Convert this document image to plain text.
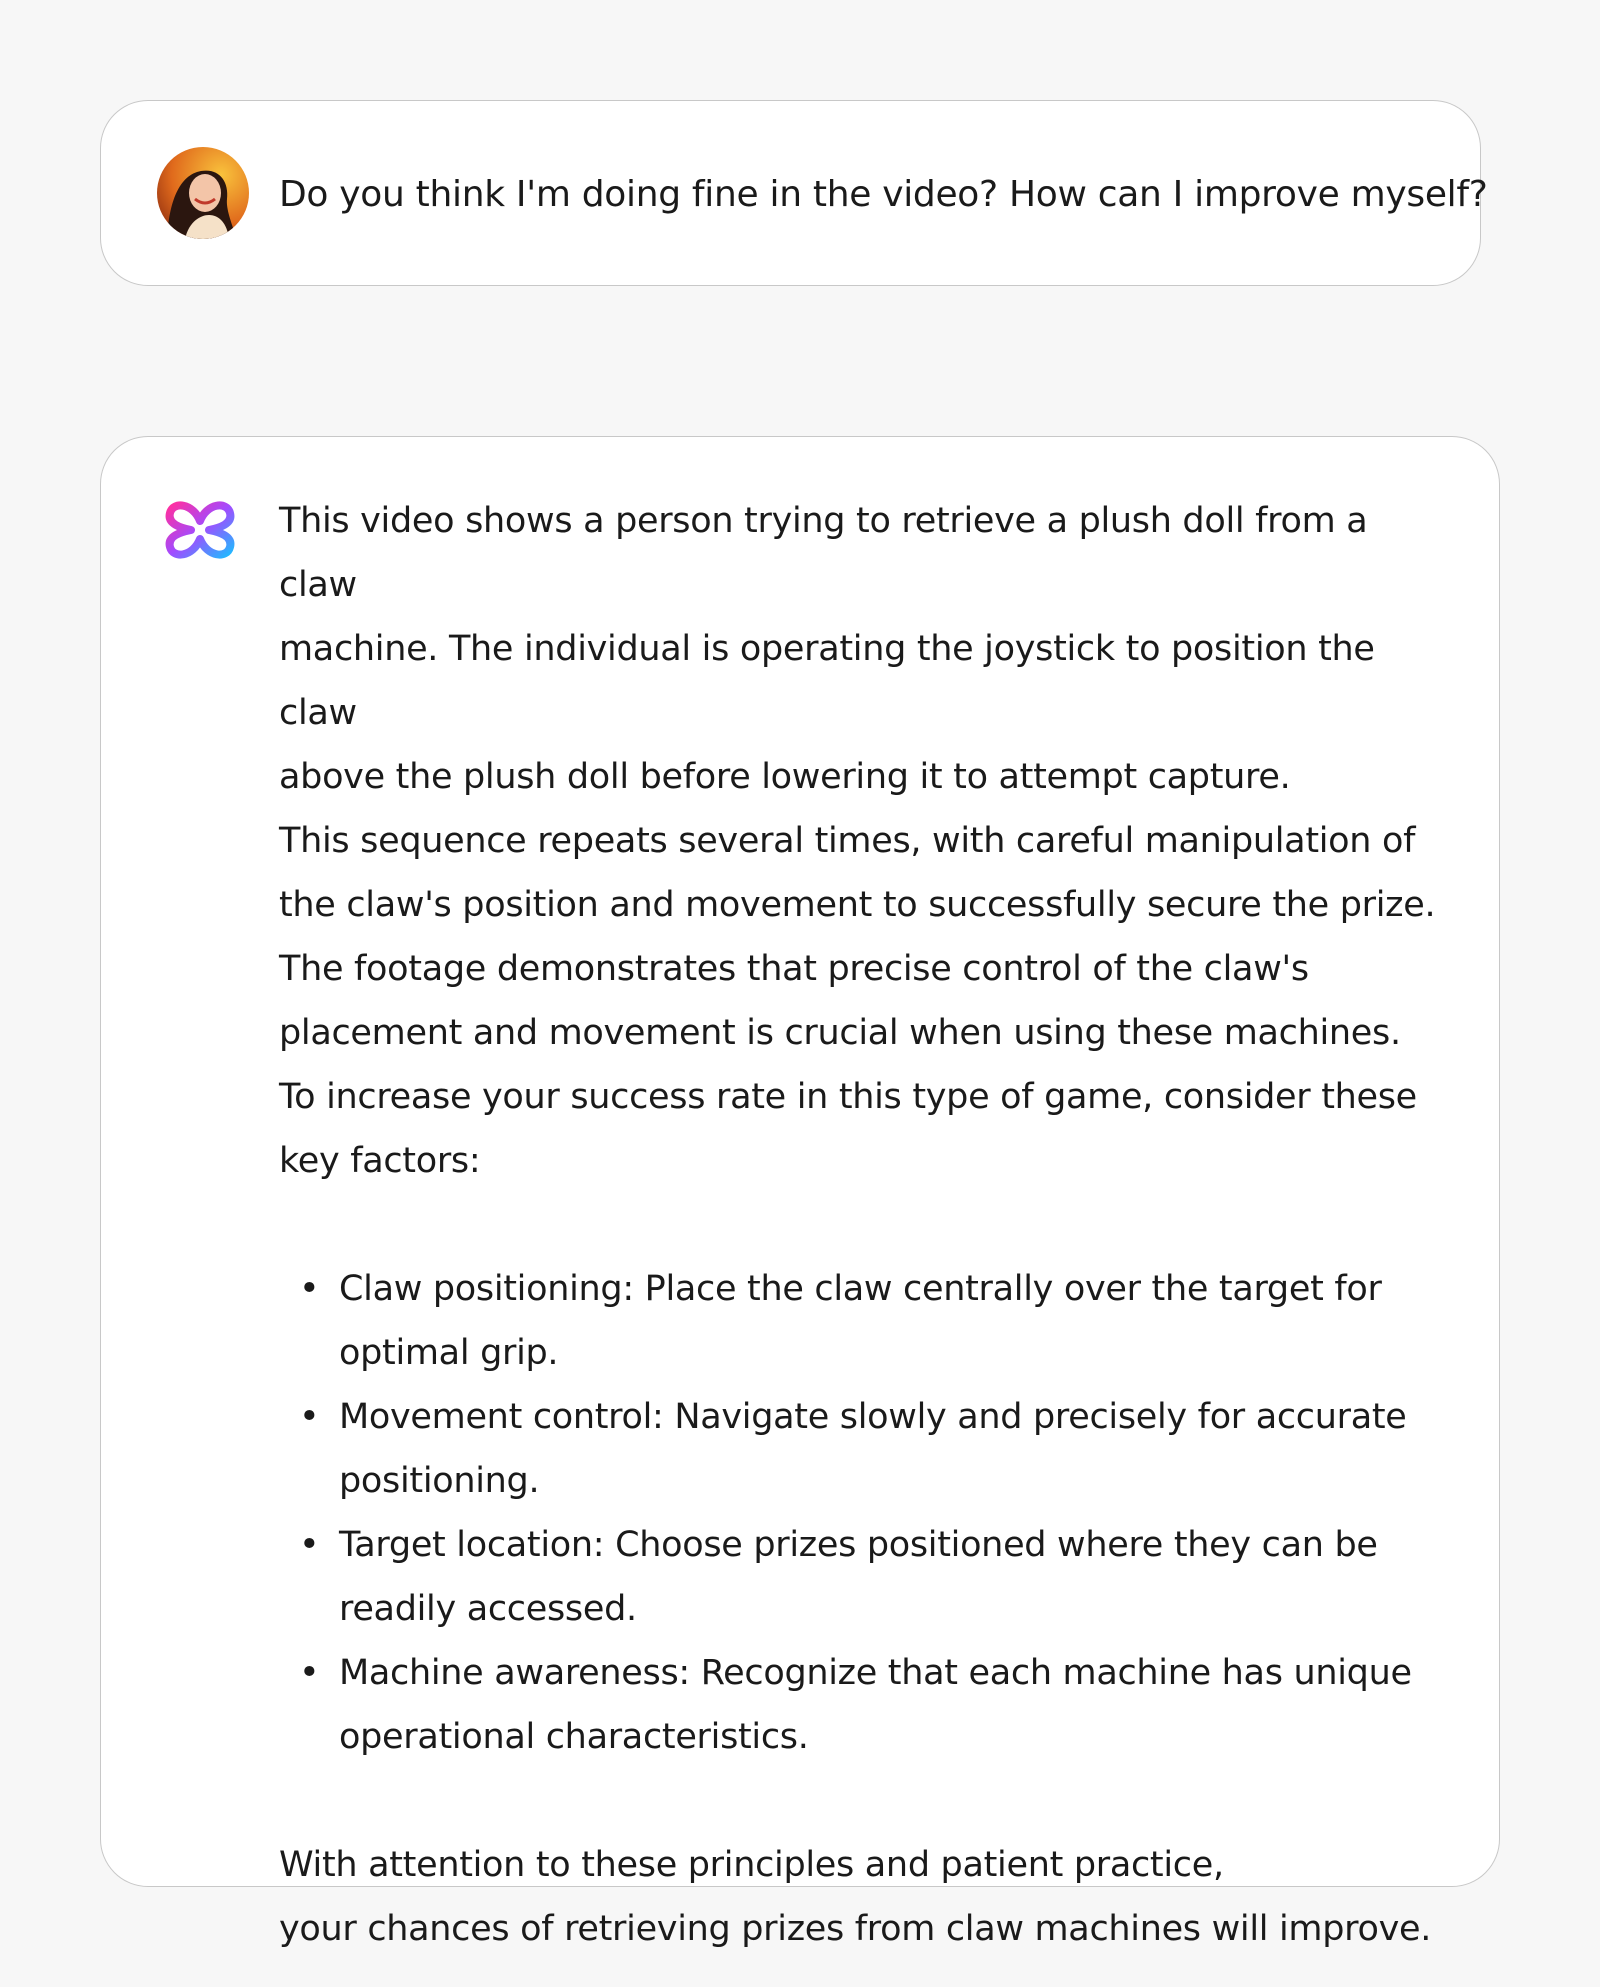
Do you think I'm doing fine in the video? How can I improve myself?

This video shows a person trying to retrieve a plush doll from a claw

machine. The individual is operating the joystick to position the claw

above the plush doll before lowering it to attempt capture.

This sequence repeats several times, with careful manipulation of

the claw's position and movement to successfully secure the prize.

The footage demonstrates that precise control of the claw's

placement and movement is crucial when using these machines.

To increase your success rate in this type of game, consider these

key factors:

• Claw positioning: Place the claw centrally over the target for
optimal grip.
• Movement control: Navigate slowly and precisely for accurate
positioning.
• Target location: Choose prizes positioned where they can be
readily accessed.
• Machine awareness: Recognize that each machine has unique
operational characteristics.

With attention to these principles and patient practice,

your chances of retrieving prizes from claw machines will improve.
